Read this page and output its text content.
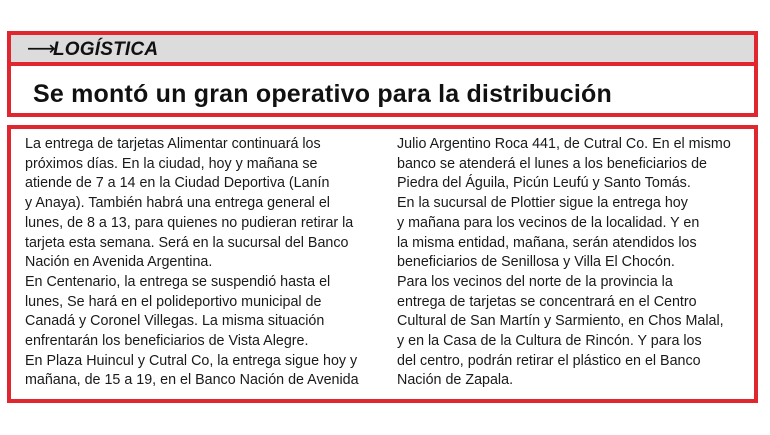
⟶
LOGÍSTICA
Se montó un gran operativo para la distribución
La entrega de tarjetas Alimentar continuará los
próximos días. En la ciudad, hoy y mañana se
atiende de 7 a 14 en la Ciudad Deportiva (Lanín
y Anaya). También habrá una entrega general el
lunes, de 8 a 13, para quienes no pudieran retirar la
tarjeta esta semana. Será en la sucursal del Banco
Nación en Avenida Argentina.
En Centenario, la entrega se suspendió hasta el
lunes, Se hará en el polideportivo municipal de
Canadá y Coronel Villegas. La misma situación
enfrentarán los beneficiarios de Vista Alegre.
En Plaza Huincul y Cutral Co, la entrega sigue hoy y
mañana, de 15 a 19, en el Banco Nación de Avenida
Julio Argentino Roca 441, de Cutral Co. En el mismo
banco se atenderá el lunes a los beneficiarios de
Piedra del Águila, Picún Leufú y Santo Tomás.
En la sucursal de Plottier sigue la entrega hoy
y mañana para los vecinos de la localidad. Y en
la misma entidad, mañana, serán atendidos los
beneficiarios de Senillosa y Villa El Chocón.
Para los vecinos del norte de la provincia la
entrega de tarjetas se concentrará en el Centro
Cultural de San Martín y Sarmiento, en Chos Malal,
y en la Casa de la Cultura de Rincón. Y para los
del centro, podrán retirar el plástico en el Banco
Nación de Zapala.
